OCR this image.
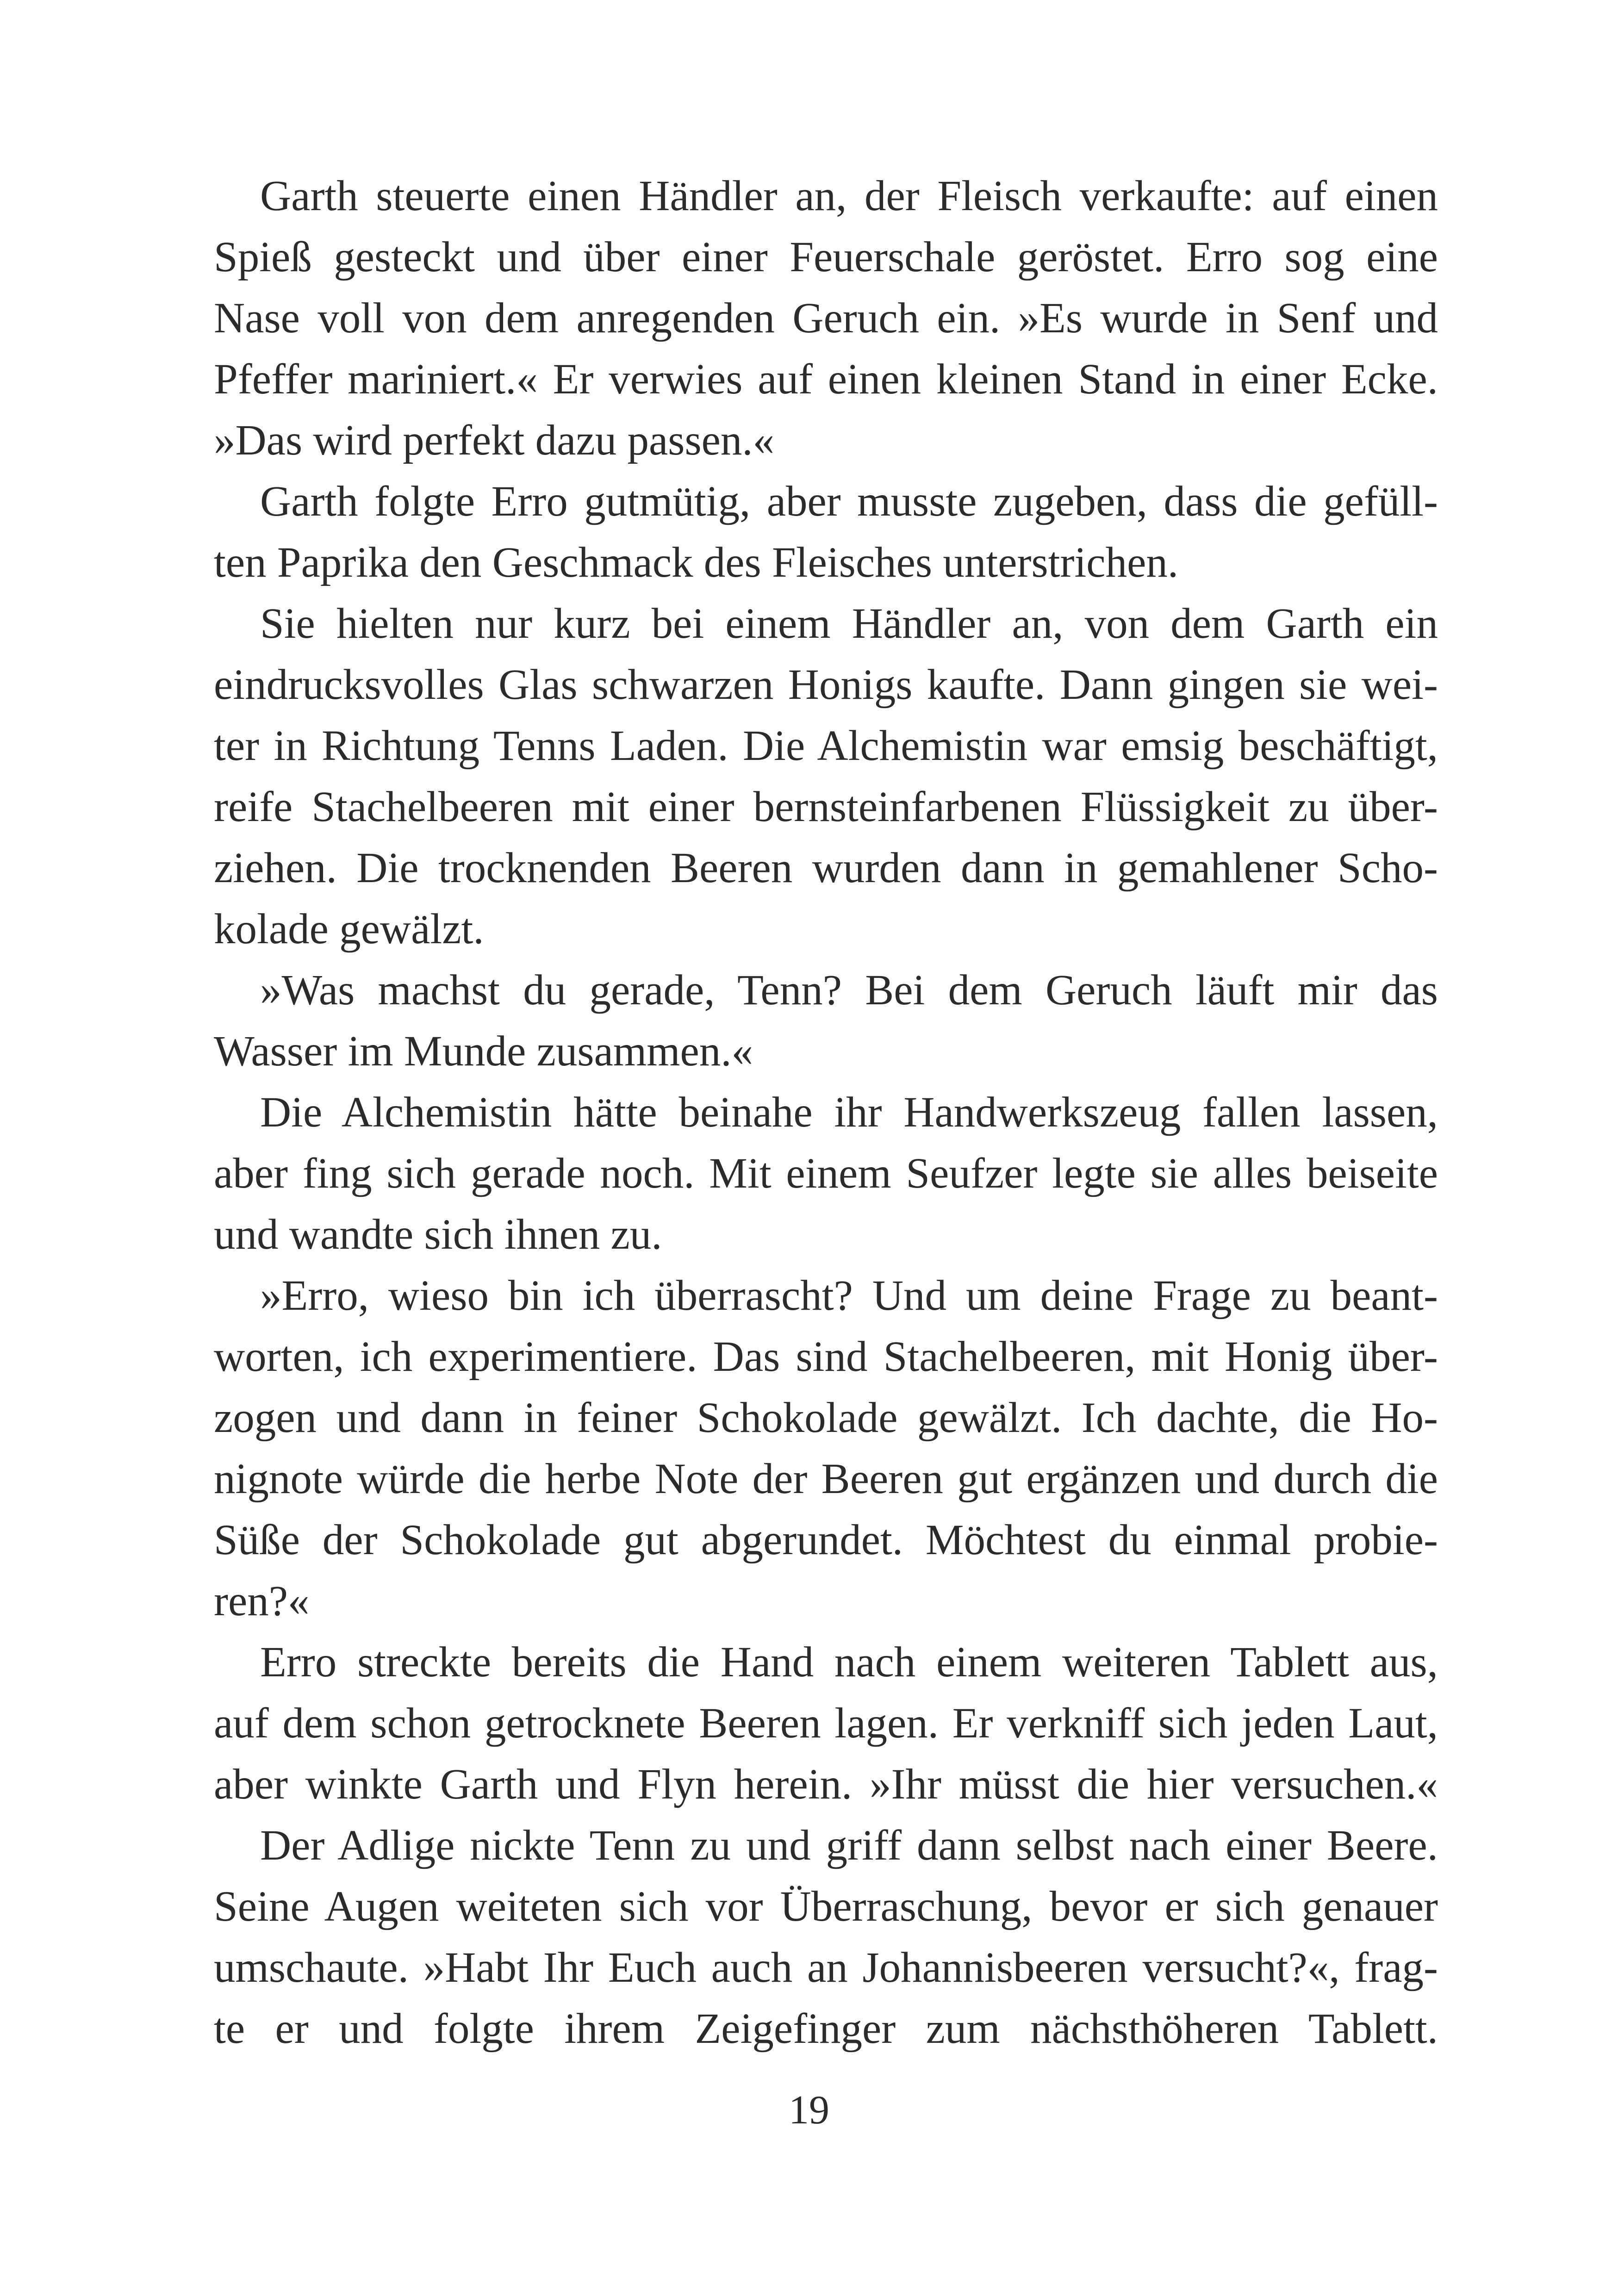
Garth steuerte einen Händler an, der Fleisch verkaufte: auf einen
Spieß gesteckt und über einer Feuerschale geröstet. Erro sog eine
Nase voll von dem anregenden Geruch ein. »Es wurde in Senf und
Pfeffer mariniert.« Er verwies auf einen kleinen Stand in einer Ecke.
»Das wird perfekt dazu passen.«
Garth folgte Erro gutmütig, aber musste zugeben, dass die gefüll-
ten Paprika den Geschmack des Fleisches unterstrichen.
Sie hielten nur kurz bei einem Händler an, von dem Garth ein
eindrucksvolles Glas schwarzen Honigs kaufte. Dann gingen sie wei-
ter in Richtung Tenns Laden. Die Alchemistin war emsig beschäftigt,
reife Stachelbeeren mit einer bernsteinfarbenen Flüssigkeit zu über-
ziehen. Die trocknenden Beeren wurden dann in gemahlener Scho-
kolade gewälzt.
»Was machst du gerade, Tenn? Bei dem Geruch läuft mir das
Wasser im Munde zusammen.«
Die Alchemistin hätte beinahe ihr Handwerkszeug fallen lassen,
aber fing sich gerade noch. Mit einem Seufzer legte sie alles beiseite
und wandte sich ihnen zu.
»Erro, wieso bin ich überrascht? Und um deine Frage zu beant-
worten, ich experimentiere. Das sind Stachelbeeren, mit Honig über-
zogen und dann in feiner Schokolade gewälzt. Ich dachte, die Ho-
nignote würde die herbe Note der Beeren gut ergänzen und durch die
Süße der Schokolade gut abgerundet. Möchtest du einmal probie-
ren?«
Erro streckte bereits die Hand nach einem weiteren Tablett aus,
auf dem schon getrocknete Beeren lagen. Er verkniff sich jeden Laut,
aber winkte Garth und Flyn herein. »Ihr müsst die hier versuchen.«
Der Adlige nickte Tenn zu und griff dann selbst nach einer Beere.
Seine Augen weiteten sich vor Überraschung, bevor er sich genauer
umschaute. »Habt Ihr Euch auch an Johannisbeeren versucht?«, frag-
te er und folgte ihrem Zeigefinger zum nächsthöheren Tablett.
19
